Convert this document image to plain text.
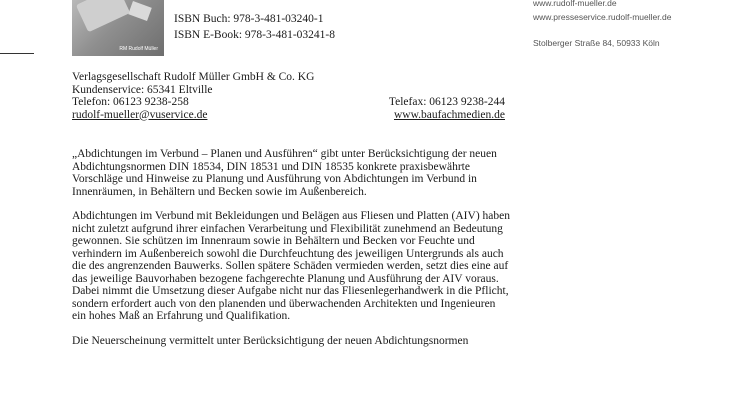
RM Rudolf Müller
ISBN Buch: 978-3-481-03240-1
ISBN E-Book: 978-3-481-03241-8
www.rudolf-mueller.de
www.presseservice.rudolf-mueller.de
Stolberger Straße 84, 50933 Köln
Verlagsgesellschaft Rudolf Müller GmbH & Co. KG
Kundenservice: 65341 Eltville
Telefon: 06123 9238-258	Telefax: 06123 9238-244
rudolf-mueller@vuservice.de	www.baufachmedien.de

„Abdichtungen im Verbund – Planen und Ausführen“ gibt unter Berücksichtigung der neuen Abdichtungsnormen DIN 18534, DIN 18531 und DIN 18535 konkrete praxisbewährte Vorschläge und Hinweise zu Planung und Ausführung von Abdichtungen im Verbund in Innenräumen, in Behältern und Becken sowie im Außenbereich.

Abdichtungen im Verbund mit Bekleidungen und Belägen aus Fliesen und Platten (AIV) haben nicht zuletzt aufgrund ihrer einfachen Verarbeitung und Flexibilität zunehmend an Bedeutung gewonnen. Sie schützen im Innenraum sowie in Behältern und Becken vor Feuchte und verhindern im Außenbereich sowohl die Durchfeuchtung des jeweiligen Untergrunds als auch die des angrenzenden Bauwerks. Sollen spätere Schäden vermieden werden, setzt dies eine auf das jeweilige Bauvorhaben bezogene fachgerechte Planung und Ausführung der AIV voraus. Dabei nimmt die Umsetzung dieser Aufgabe nicht nur das Fliesenlegerhandwerk in die Pflicht, sondern erfordert auch von den planenden und überwachenden Architekten und Ingenieuren ein hohes Maß an Erfahrung und Qualifikation.

Die Neuerscheinung vermittelt unter Berücksichtigung der neuen Abdichtungsnormen
